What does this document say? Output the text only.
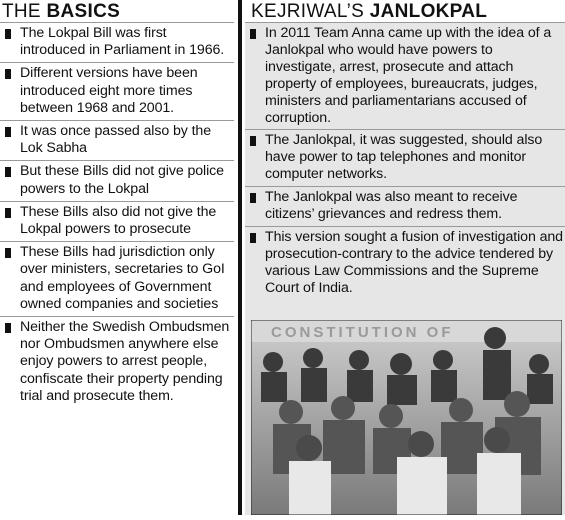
THE BASICS
The Lokpal Bill was first introduced in Parliament in 1966.
Different versions have been introduced eight more times between 1968 and 2001.
It was once passed also by the Lok Sabha
But these Bills did not give police powers to the Lokpal
These Bills also did not give the Lokpal powers to prosecute
These Bills had jurisdiction only over ministers, secretaries to GoI and employees of Government owned companies and societies
Neither the Swedish Ombudsmen nor Ombudsmen anywhere else enjoy powers to arrest people, confiscate their property pending trial and prosecute them.
KEJRIWAL’S JANLOKPAL
In 2011 Team Anna came up with the idea of a Janlokpal who would have powers to investigate, arrest, prosecute and attach property of employees, bureaucrats, judges, ministers and parliamentarians accused of corruption.
The Janlokpal, it was suggested, should also have power to tap telephones and monitor computer networks.
The Janlokpal was also meant to receive citizens’ grievances and redress them.
This version sought a fusion of investigation and prosecution-contrary to the advice tendered by various Law Commissions and the Supreme Court of India.
CONSTITUTION OF
